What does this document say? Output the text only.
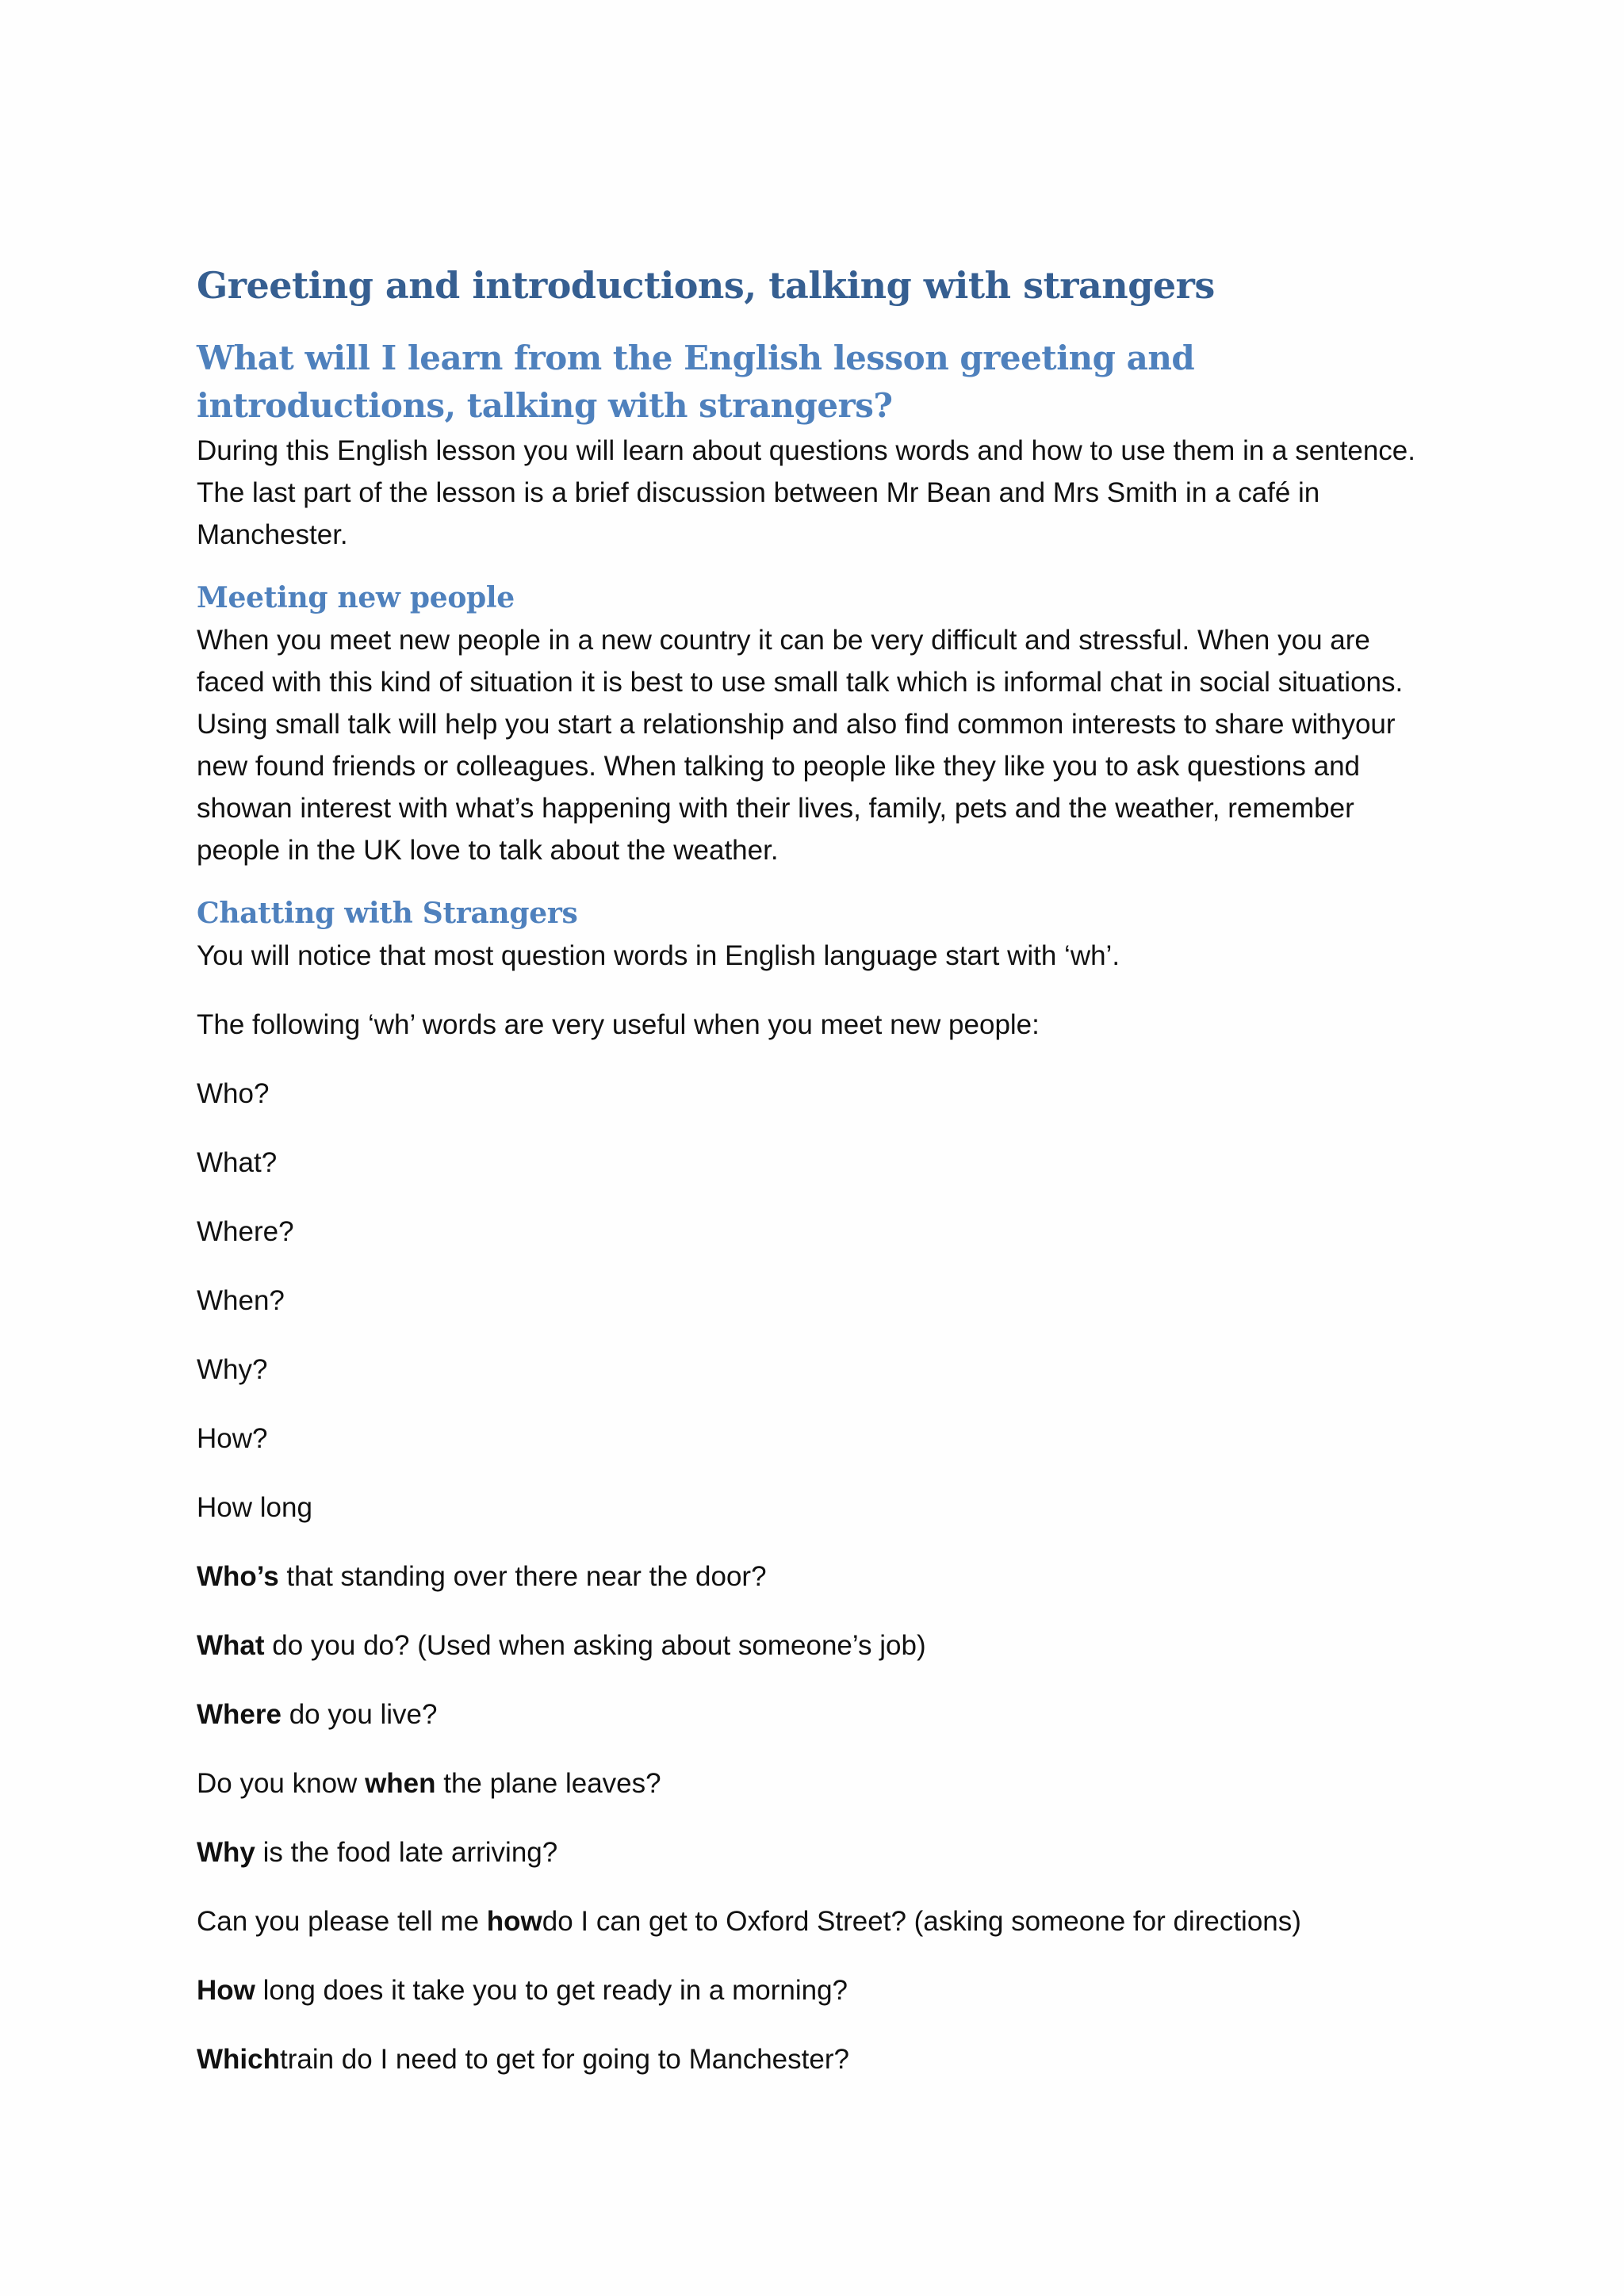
Greeting and introductions, talking with strangers
What will I learn from the English lesson greeting and introductions, talking with strangers?

During this English lesson you will learn about questions words and how to use them in a sentence. The last part of the lesson is a brief discussion between Mr Bean and Mrs Smith in a café in Manchester.

Meeting new people

When you meet new people in a new country it can be very difficult and stressful. When you are faced with this kind of situation it is best to use small talk which is informal chat in social situations. Using small talk will help you start a relationship and also find common interests to share withyour new found friends or colleagues. When talking to people like they like you to ask questions and showan interest with what’s happening with their lives, family, pets and the weather, remember people in the UK love to talk about the weather.

Chatting with Strangers

You will notice that most question words in English language start with ‘wh’.

The following ‘wh’ words are very useful when you meet new people:

Who?

What?

Where?

When?

Why?

How?

How long

Who’s that standing over there near the door?

What do you do? (Used when asking about someone’s job)

Where do you live?

Do you know when the plane leaves?

Why is the food late arriving?

Can you please tell me howdo I can get to Oxford Street? (asking someone for directions)

How long does it take you to get ready in a morning?

Whichtrain do I need to get for going to Manchester?
